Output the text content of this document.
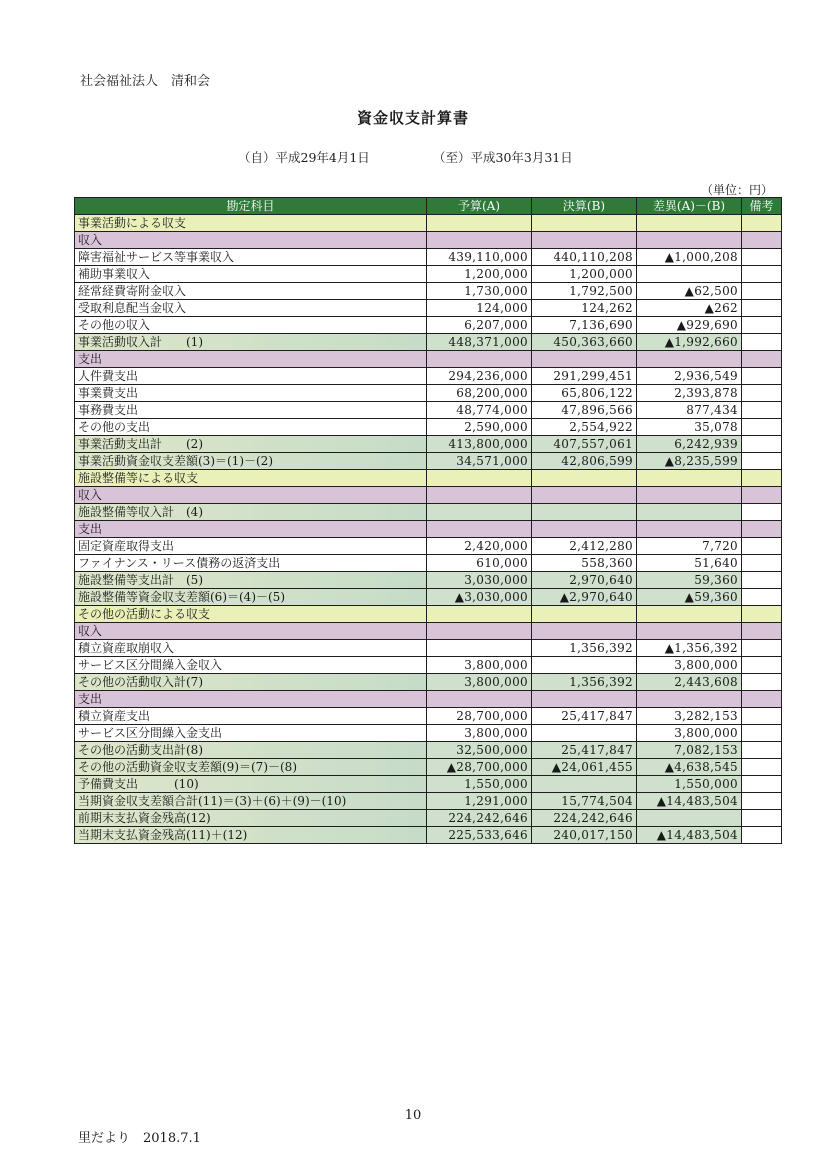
社会福祉法人　清和会
資金収支計算書
（自）平成29年4月1日	（至）平成30年3月31日
（単位：円）
勘定科目	予算(A)	決算(B)	差異(A)－(B)	備考
事業活動による収支				
収入				
障害福祉サービス等事業収入	439,110,000	440,110,208	▲1,000,208	
補助事業収入	1,200,000	1,200,000		
経常経費寄附金収入	1,730,000	1,792,500	▲62,500	
受取利息配当金収入	124,000	124,262	▲262	
その他の収入	6,207,000	7,136,690	▲929,690	
事業活動収入計　　(1)	448,371,000	450,363,660	▲1,992,660	
支出				
人件費支出	294,236,000	291,299,451	2,936,549	
事業費支出	68,200,000	65,806,122	2,393,878	
事務費支出	48,774,000	47,896,566	877,434	
その他の支出	2,590,000	2,554,922	35,078	
事業活動支出計　　(2)	413,800,000	407,557,061	6,242,939	
事業活動資金収支差額(3)＝(1)－(2)	34,571,000	42,806,599	▲8,235,599	
施設整備等による収支				
収入				
施設整備等収入計　(4)				
支出				
固定資産取得支出	2,420,000	2,412,280	7,720	
ファイナンス・リース債務の返済支出	610,000	558,360	51,640	
施設整備等支出計　(5)	3,030,000	2,970,640	59,360	
施設整備等資金収支差額(6)＝(4)－(5)	▲3,030,000	▲2,970,640	▲59,360	
その他の活動による収支				
収入				
積立資産取崩収入		1,356,392	▲1,356,392	
サービス区分間繰入金収入	3,800,000		3,800,000	
その他の活動収入計(7)	3,800,000	1,356,392	2,443,608	
支出				
積立資産支出	28,700,000	25,417,847	3,282,153	
サービス区分間繰入金支出	3,800,000		3,800,000	
その他の活動支出計(8)	32,500,000	25,417,847	7,082,153	
その他の活動資金収支差額(9)＝(7)－(8)	▲28,700,000	▲24,061,455	▲4,638,545	
予備費支出　　　(10)	1,550,000		1,550,000	
当期資金収支差額合計(11)＝(3)＋(6)＋(9)－(10)	1,291,000	15,774,504	▲14,483,504	
前期末支払資金残高(12)	224,242,646	224,242,646		
当期末支払資金残高(11)＋(12)	225,533,646	240,017,150	▲14,483,504	
10
里だより　2018.7.1
